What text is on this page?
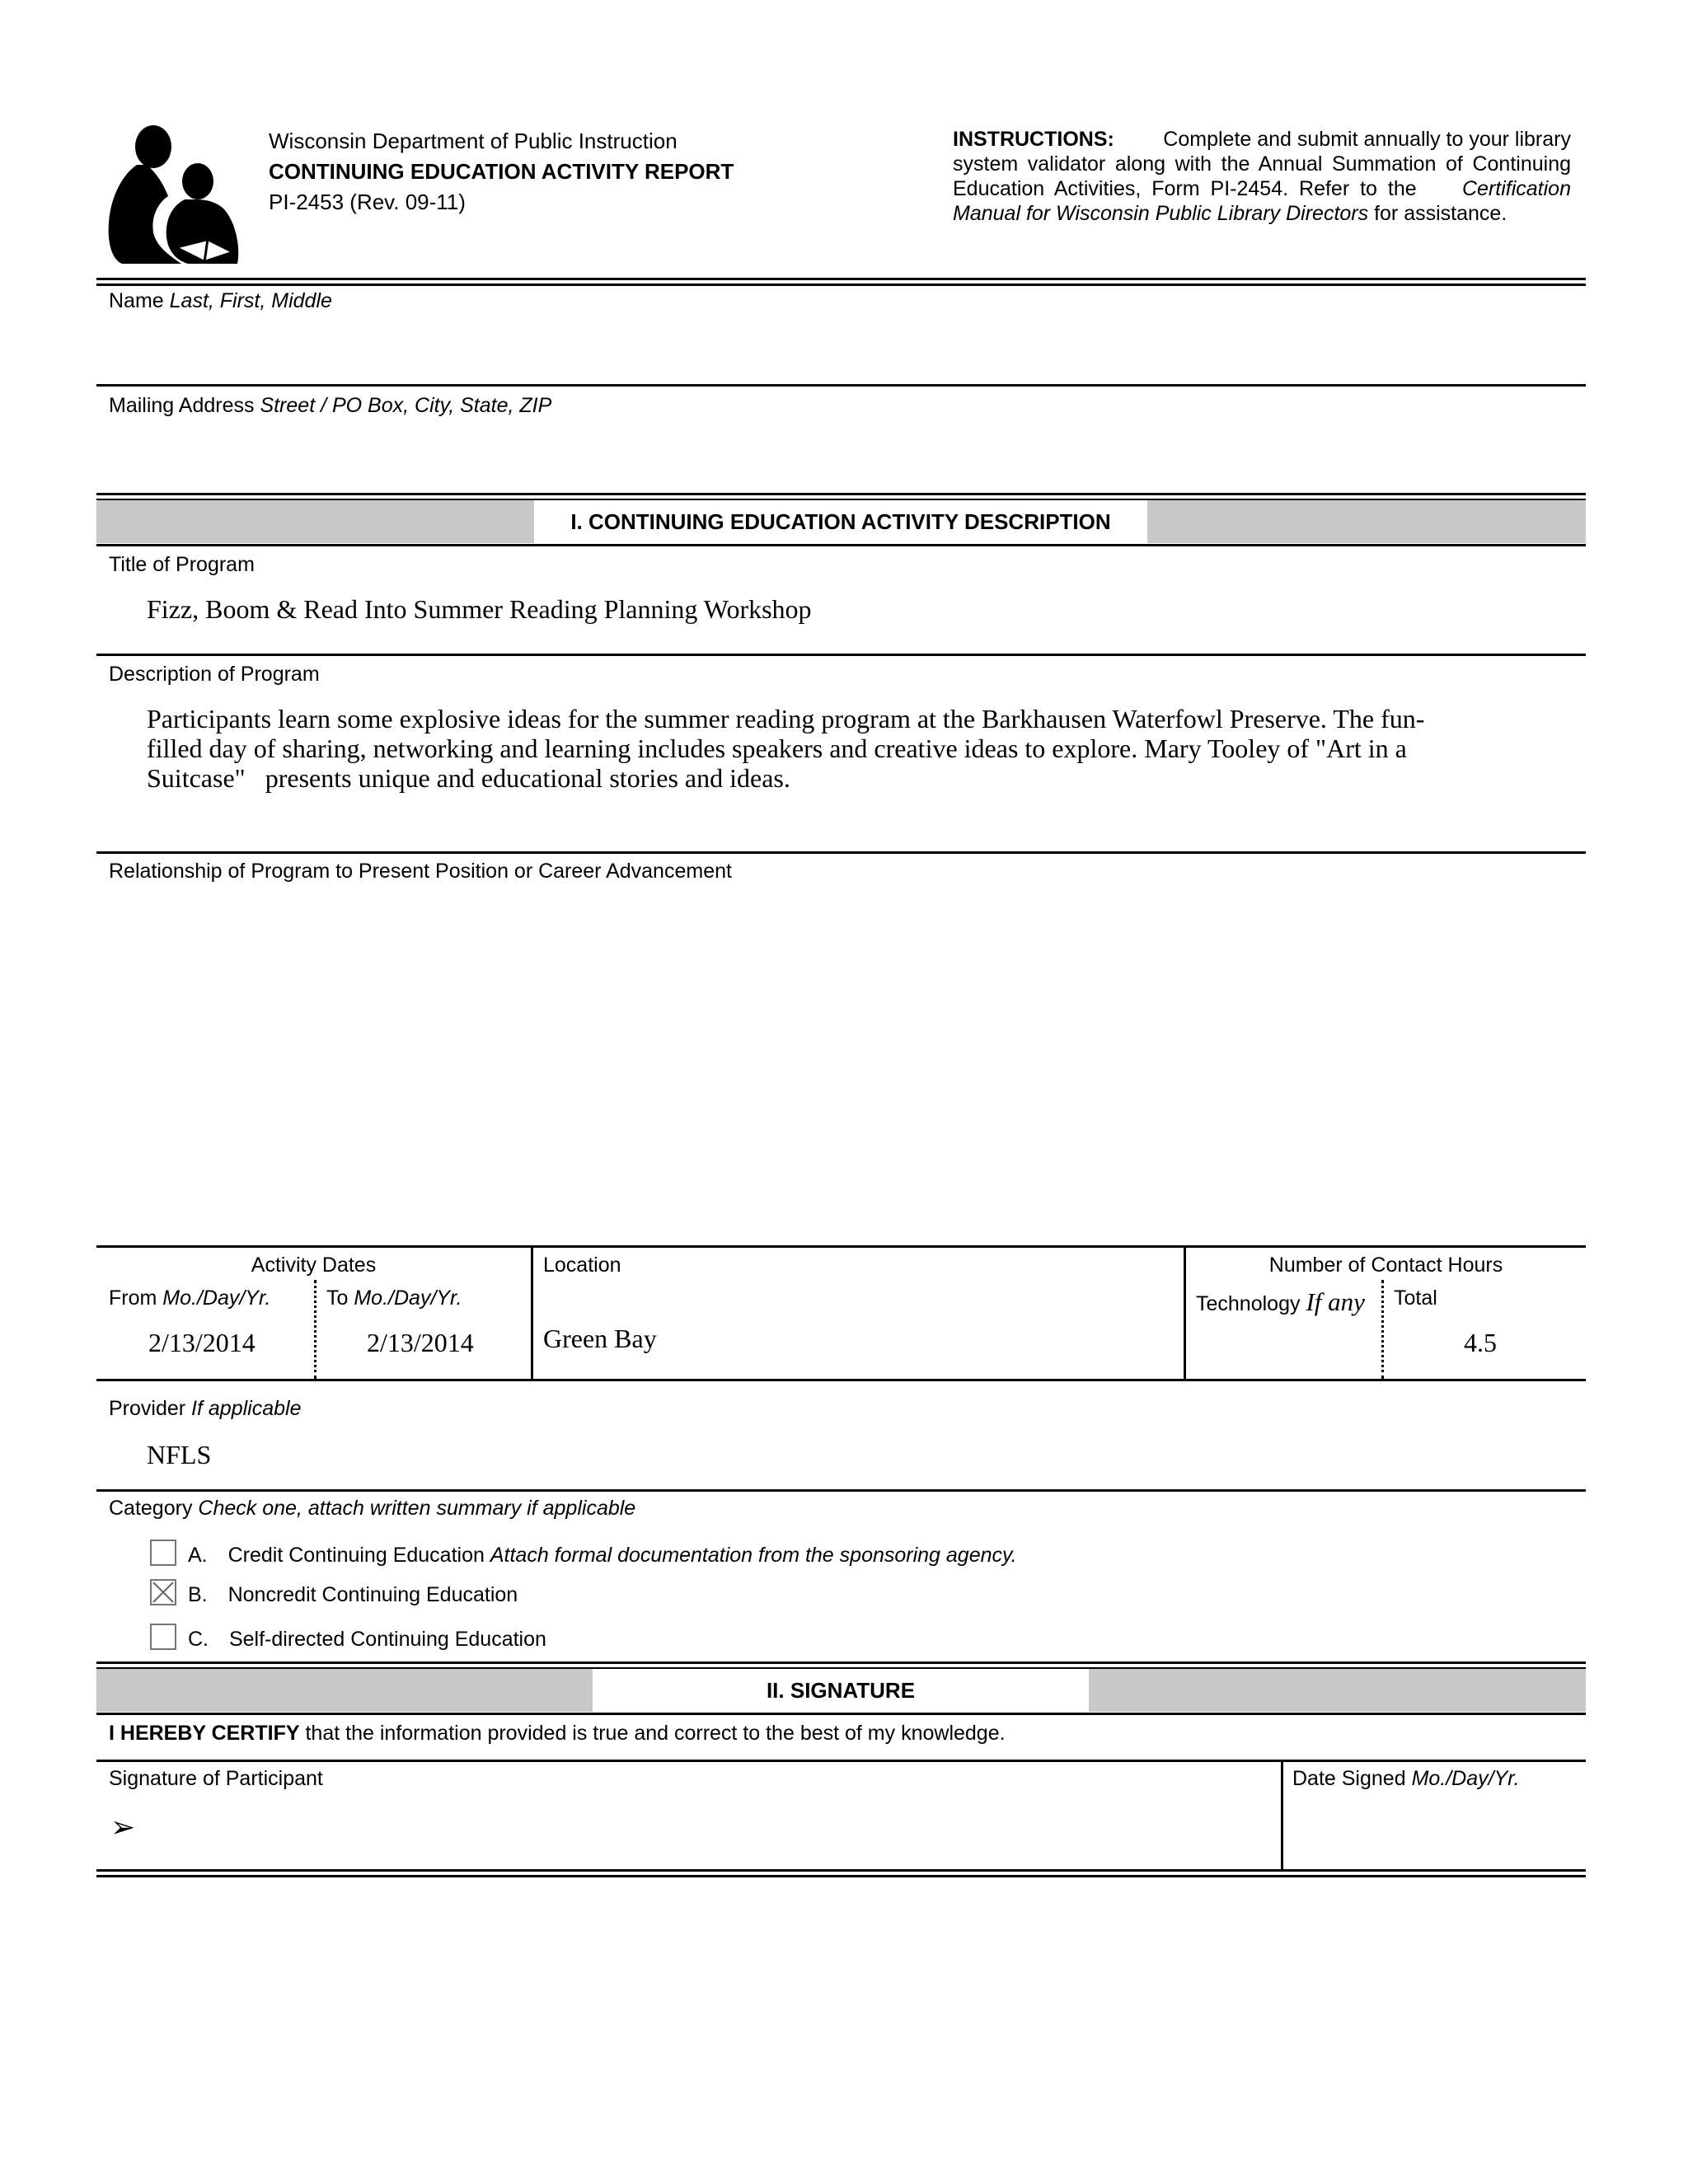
Wisconsin Department of Public Instruction
CONTINUING EDUCATION ACTIVITY REPORT
PI-2453 (Rev. 09-11)
INSTRUCTIONS: Complete and submit annually to your library
system validator along with the Annual Summation of Continuing
Education Activities, Form PI-2454. Refer to the Certification
Manual for Wisconsin Public Library Directors for assistance.
Name Last, First, Middle
Mailing Address Street / PO Box, City, State, ZIP
I. CONTINUING EDUCATION ACTIVITY DESCRIPTION
Title of Program
Fizz, Boom & Read Into Summer Reading Planning Workshop
Description of Program
Participants learn some explosive ideas for the summer reading program at the Barkhausen Waterfowl Preserve. The fun-
filled day of sharing, networking and learning includes speakers and creative ideas to explore. Mary Tooley of "Art in a
Suitcase"   presents unique and educational stories and ideas.
Relationship of Program to Present Position or Career Advancement
Activity Dates
From Mo./Day/Yr.	To Mo./Day/Yr.
2/13/2014	2/13/2014
Location
Green Bay
Number of Contact Hours
Technology If any Total
4.5
Provider If applicable
NFLS
Category Check one, attach written summary if applicable
A. Credit Continuing Education Attach formal documentation from the sponsoring agency.
B. Noncredit Continuing Education
C. Self-directed Continuing Education
II. SIGNATURE
I HEREBY CERTIFY that the information provided is true and correct to the best of my knowledge.
Signature of Participant
➢
Date Signed Mo./Day/Yr.
